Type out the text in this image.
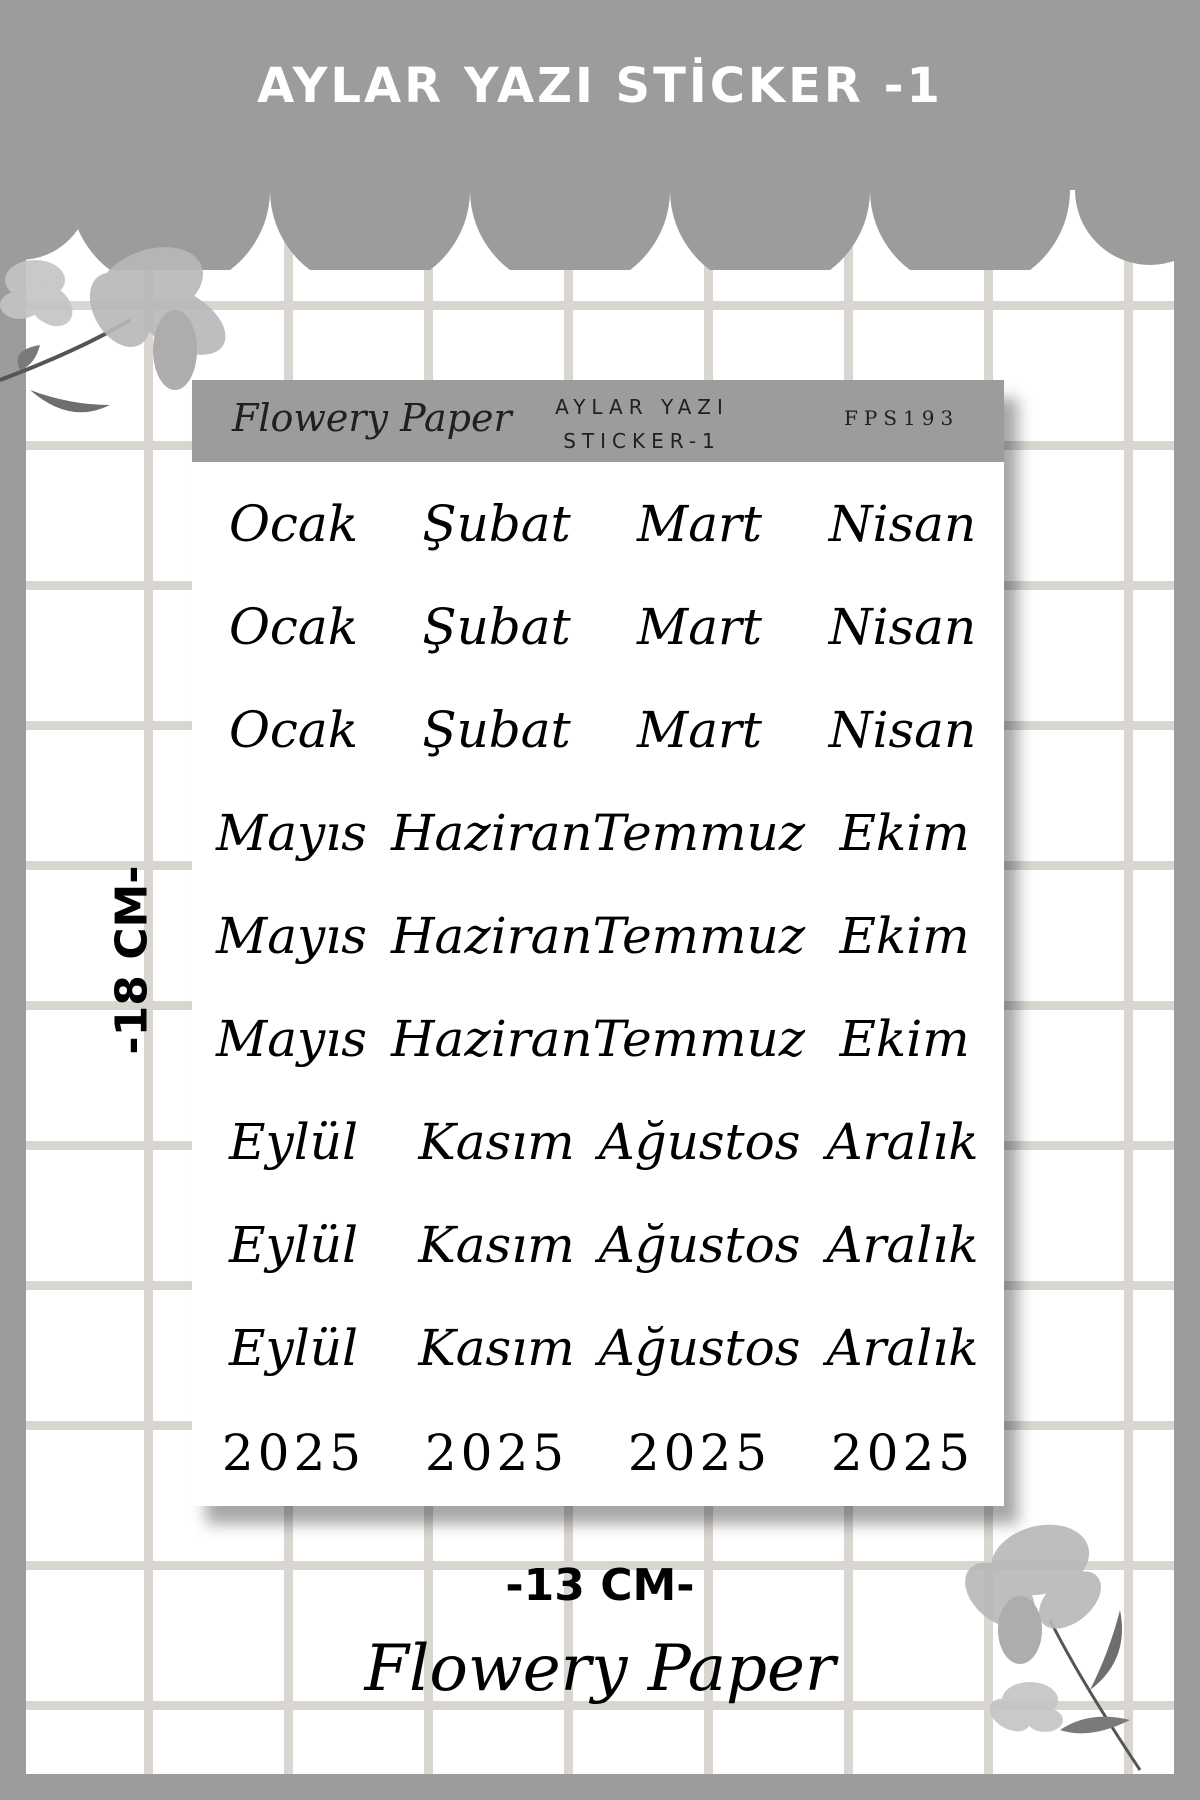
AYLAR YAZI STİCKER -1
Flowery Paper	AYLAR YAZI
STICKER-1
FPS193
Ocak	Şubat	Mart	Nisan
Ocak	Şubat	Mart	Nisan
Ocak	Şubat	Mart	Nisan
Mayıs Haziran Temmuz Ekim
Mayıs Haziran Temmuz Ekim
Mayıs Haziran Temmuz Ekim
Eylül	Kasım Ağustos Aralık
Eylül	Kasım Ağustos Aralık
Eylül	Kasım Ağustos Aralık
2025	2025	2025	2025
-18 CM-
-13 CM-
Flowery Paper
